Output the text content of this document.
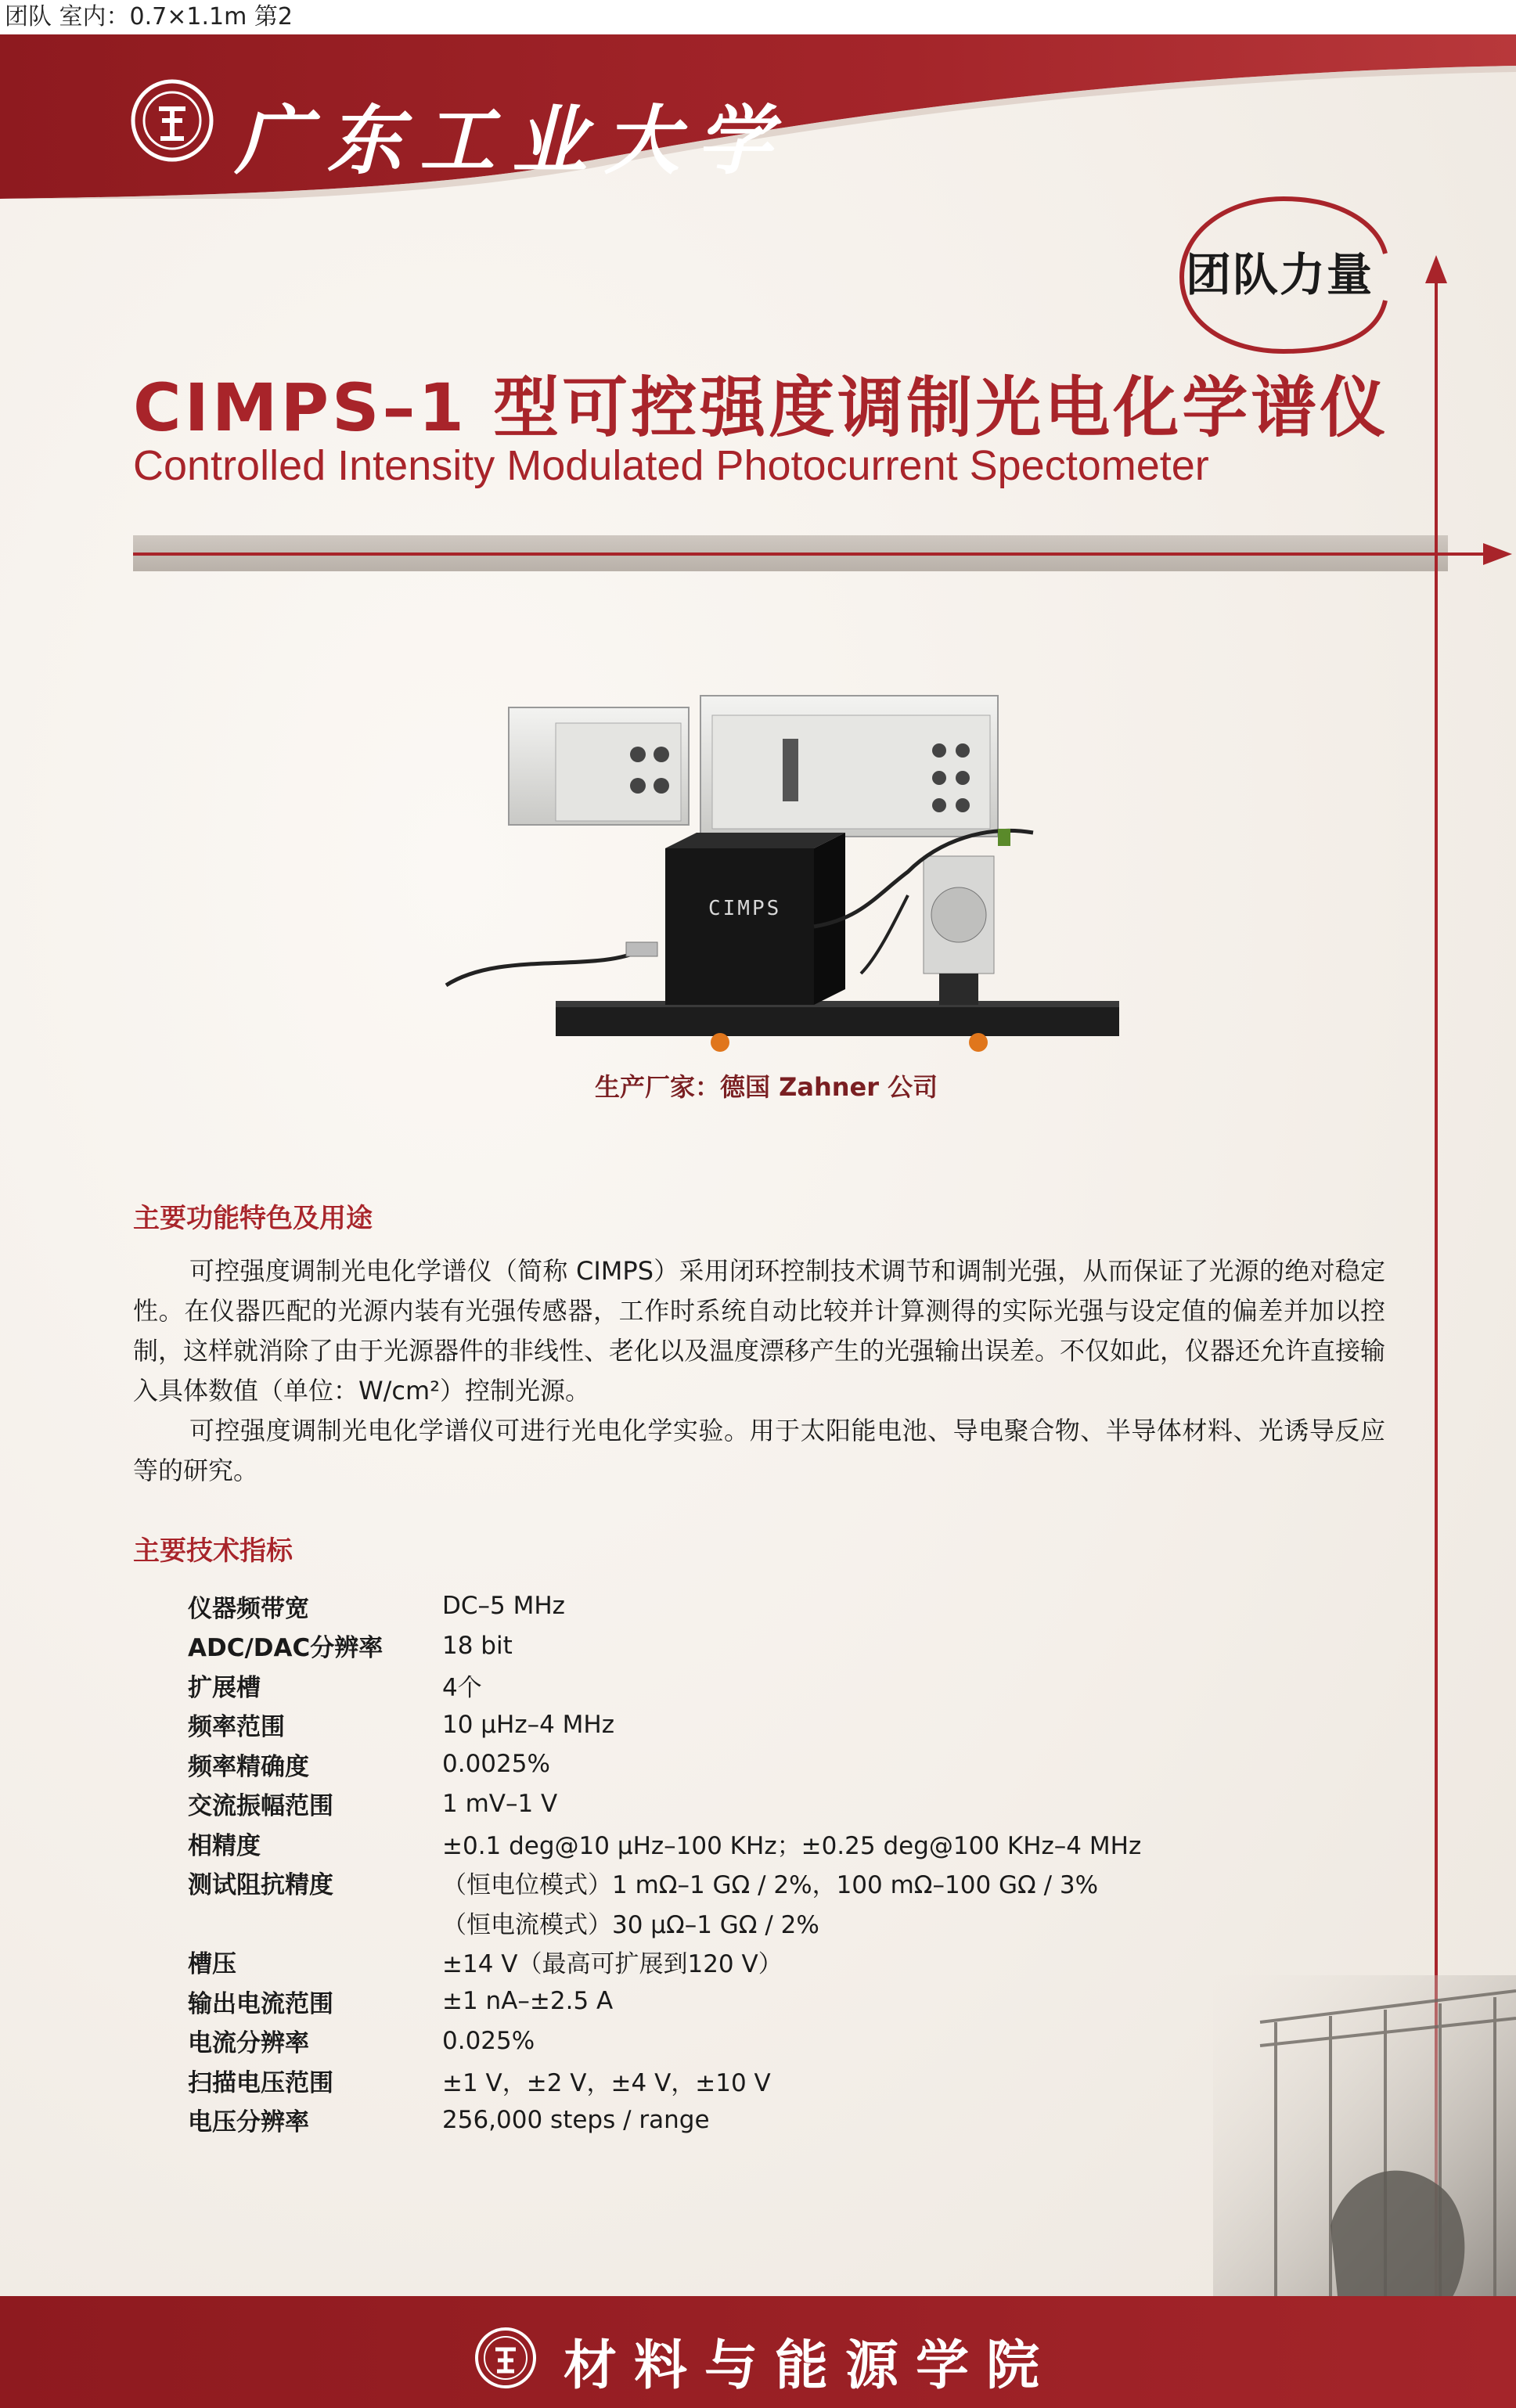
团队 室内：0.7×1.1m 第2
广东工业大学
团队力量
CIMPS–1 型可控强度调制光电化学谱仪
Controlled Intensity Modulated Photocurrent Spectometer
CIMPS
生产厂家：德国 Zahner 公司
主要功能特色及用途

可控强度调制光电化学谱仪（简称 CIMPS）采用闭环控制技术调节和调制光强，从而保证了光源的绝对稳定性。在仪器匹配的光源内装有光强传感器，工作时系统自动比较并计算测得的实际光强与设定值的偏差并加以控制，这样就消除了由于光源器件的非线性、老化以及温度漂移产生的光强输出误差。不仅如此，仪器还允许直接输入具体数值（单位：W/cm²）控制光源。

可控强度调制光电化学谱仪可进行光电化学实验。用于太阳能电池、导电聚合物、半导体材料、光诱导反应等的研究。

主要技术指标
仪器频带宽	DC–5 MHz
ADC/DAC分辨率	18 bit
扩展槽	4个
频率范围	10 μHz–4 MHz
频率精确度	0.0025%
交流振幅范围	1 mV–1 V
相精度	±0.1 deg@10 μHz–100 KHz；±0.25 deg@100 KHz–4 MHz
测试阻抗精度	（恒电位模式）1 mΩ–1 GΩ / 2%，100 mΩ–100 GΩ / 3%
（恒电流模式）30 μΩ–1 GΩ / 2%
槽压	±14 V（最高可扩展到120 V）
输出电流范围	±1 nA–±2.5 A
电流分辨率	0.025%
扫描电压范围	±1 V，±2 V，±4 V，±10 V
电压分辨率	256,000 steps / range
材料与能源学院
